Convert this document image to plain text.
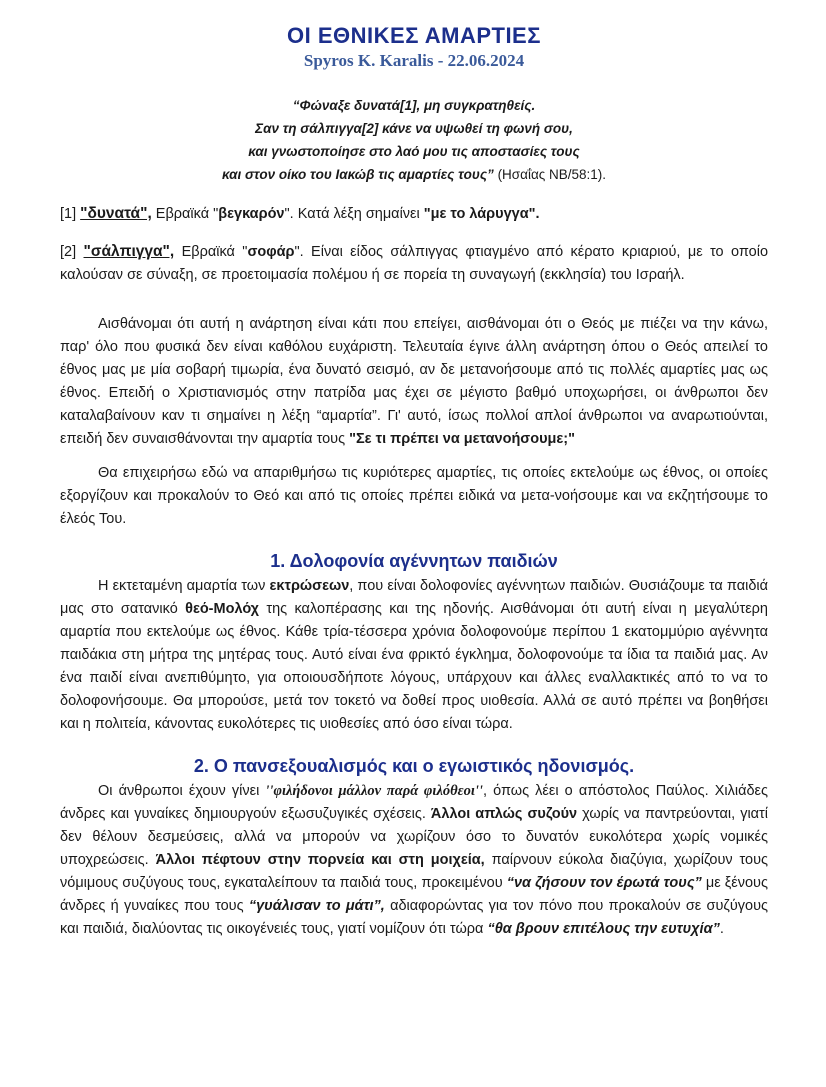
ΟΙ ΕΘΝΙΚΕΣ ΑΜΑΡΤΙΕΣ

Spyros K. Karalis - 22.06.2024

“Φώναξε δυνατά[1], μη συγκρατηθείς.
Σαν τη σάλπιγγα[2] κάνε να υψωθεί τη φωνή σου,
και γνωστοποίησε στο λαό μου τις αποστασίες τους
και στον οίκο του Ιακώβ τις αμαρτίες τους” (Ησαΐας ΝΒ/58:1).

[1] "δυνατά", Εβραϊκά "βεγκαρόν". Κατά λέξη σημαίνει "με το λάρυγγα".

[2] "σάλπιγγα", Εβραϊκά "σοφάρ". Είναι είδος σάλπιγγας φτιαγμένο από κέρατο κριαριού, με το οποίο καλούσαν σε σύναξη, σε προετοιμασία πολέμου ή σε πορεία τη συναγωγή (εκκλησία) του Ισραήλ.

Αισθάνομαι ότι αυτή η ανάρτηση είναι κάτι που επείγει, αισθάνομαι ότι ο Θεός με πιέζει να την κάνω, παρ' όλο που φυσικά δεν είναι καθόλου ευχάριστη. Τελευταία έγινε άλλη ανάρτηση όπου ο Θεός απειλεί το έθνος μας με μία σοβαρή τιμωρία, ένα δυνατό σεισμό, αν δε μετανοήσουμε από τις πολλές αμαρτίες μας ως έθνος. Επειδή ο Χριστιανισμός στην πατρίδα μας έχει σε μέγιστο βαθμό υποχωρήσει, οι άνθρωποι δεν καταλαβαίνουν καν τι σημαίνει η λέξη “αμαρτία”. Γι' αυτό, ίσως πολλοί απλοί άνθρωποι να αναρωτιούνται, επειδή δεν συναισθάνονται την αμαρτία τους "Σε τι πρέπει να μετανοήσουμε;"

Θα επιχειρήσω εδώ να απαριθμήσω τις κυριότερες αμαρτίες, τις οποίες εκτελούμε ως έθνος, οι οποίες εξοργίζουν και προκαλούν το Θεό και από τις οποίες πρέπει ειδικά να μετα-νοήσουμε και να εκζητήσουμε το έλεός Του.

1. Δολοφονία αγέννητων παιδιών

Η εκτεταμένη αμαρτία των εκτρώσεων, που είναι δολοφονίες αγέννητων παιδιών. Θυσιάζουμε τα παιδιά μας στο σατανικό θεό-Μολόχ της καλοπέρασης και της ηδονής. Αισθάνομαι ότι αυτή είναι η μεγαλύτερη αμαρτία που εκτελούμε ως έθνος. Κάθε τρία-τέσσερα χρόνια δολοφονούμε περίπου 1 εκατομμύριο αγέννητα παιδάκια στη μήτρα της μητέρας τους. Αυτό είναι ένα φρικτό έγκλημα, δολοφονούμε τα ίδια τα παιδιά μας. Αν ένα παιδί είναι ανεπιθύμητο, για οποιουσδήποτε λόγους, υπάρχουν και άλλες εναλλακτικές από το να το δολοφονήσουμε. Θα μπορούσε, μετά τον τοκετό να δοθεί προς υιοθεσία. Αλλά σε αυτό πρέπει να βοηθήσει και η πολιτεία, κάνοντας ευκολότερες τις υιοθεσίες από όσο είναι τώρα.

2. Ο πανσεξουαλισμός και ο εγωιστικός ηδονισμός.

Οι άνθρωποι έχουν γίνει ''φιλήδονοι μάλλον παρά φιλόθεοι'', όπως λέει ο απόστολος Παύλος. Χιλιάδες άνδρες και γυναίκες δημιουργούν εξωσυζυγικές σχέσεις. Άλλοι απλώς συζούν χωρίς να παντρεύονται, γιατί δεν θέλουν δεσμεύσεις, αλλά να μπορούν να χωρίζουν όσο το δυνατόν ευκολότερα χωρίς νομικές υποχρεώσεις. Άλλοι πέφτουν στην πορνεία και στη μοιχεία, παίρνουν εύκολα διαζύγια, χωρίζουν τους νόμιμους συζύγους τους, εγκαταλείπουν τα παιδιά τους, προκειμένου “να ζήσουν τον έρωτά τους” με ξένους άνδρες ή γυναίκες που τους “γυάλισαν το μάτι”, αδιαφορώντας για τον πόνο που προκαλούν σε συζύγους και παιδιά, διαλύοντας τις οικογένειές τους, γιατί νομίζουν ότι τώρα “θα βρουν επιτέλους την ευτυχία”.
